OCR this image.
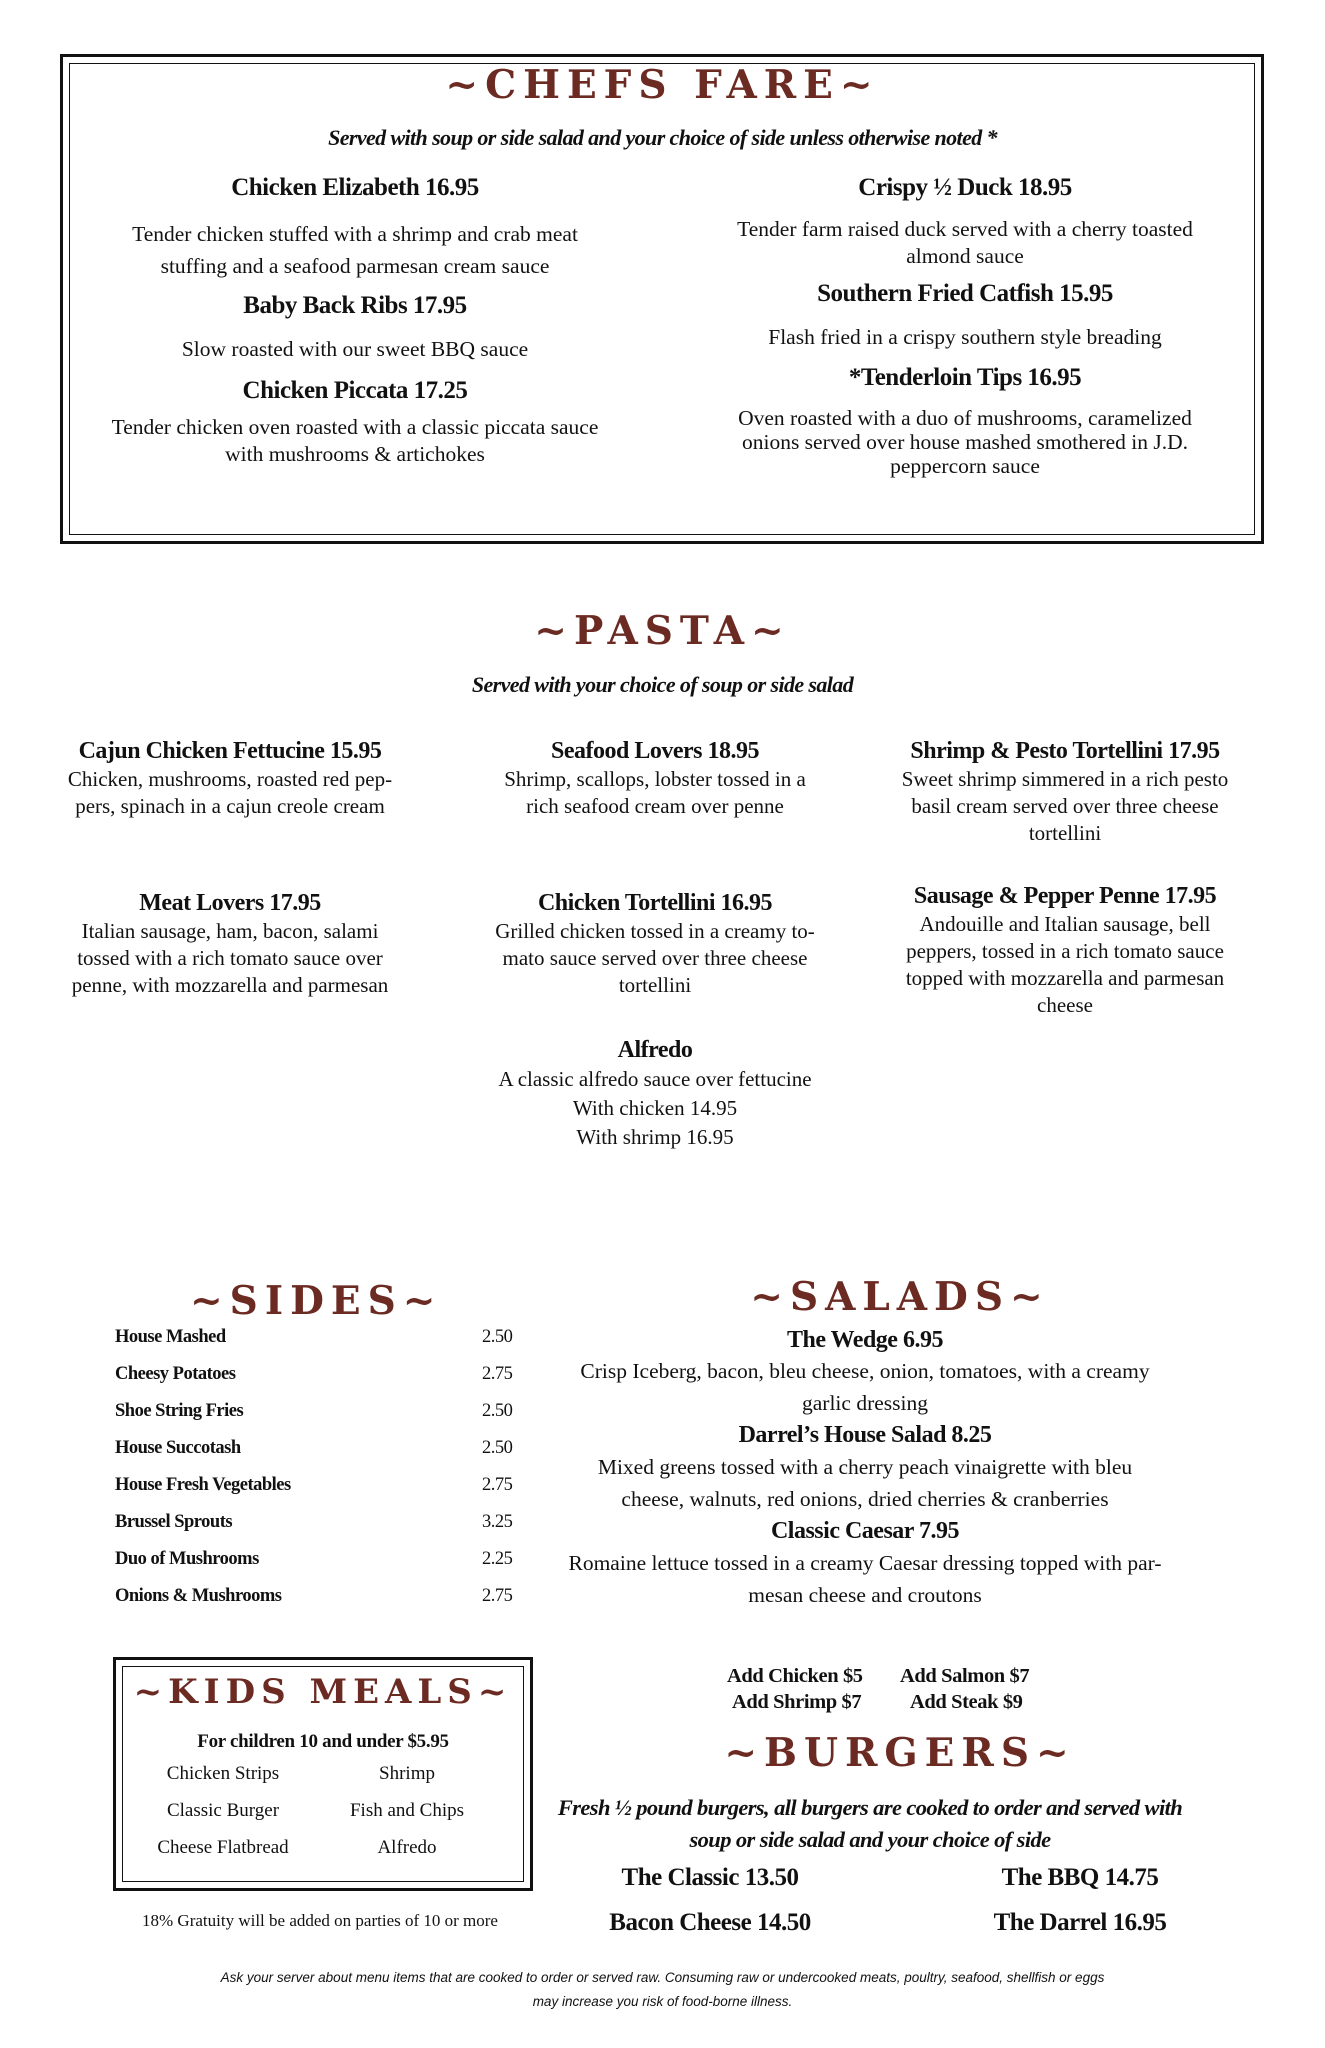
~CHEFS FARE~
Served with soup or side salad and your choice of side unless otherwise noted *
Chicken Elizabeth 16.95
Tender chicken stuffed with a shrimp and crab meat
stuffing and a seafood parmesan cream sauce
Baby Back Ribs 17.95
Slow roasted with our sweet BBQ sauce
Chicken Piccata 17.25
Tender chicken oven roasted with a classic piccata sauce
with mushrooms & artichokes
Crispy ½ Duck 18.95
Tender farm raised duck served with a cherry toasted
almond sauce
Southern Fried Catfish 15.95
Flash fried in a crispy southern style breading
*Tenderloin Tips 16.95
Oven roasted with a duo of mushrooms, caramelized
onions served over house mashed smothered in J.D.
peppercorn sauce
~PASTA~
Served with your choice of soup or side salad
Cajun Chicken Fettucine 15.95
Chicken, mushrooms, roasted red pep-
pers, spinach in a cajun creole cream
Seafood Lovers 18.95
Shrimp, scallops, lobster tossed in a
rich seafood cream over penne
Shrimp & Pesto Tortellini 17.95
Sweet shrimp simmered in a rich pesto
basil cream served over three cheese
tortellini
Meat Lovers 17.95
Italian sausage, ham, bacon, salami
tossed with a rich tomato sauce over
penne, with mozzarella and parmesan
Chicken Tortellini 16.95
Grilled chicken tossed in a creamy to-
mato sauce served over three cheese
tortellini
Sausage & Pepper Penne 17.95
Andouille and Italian sausage, bell
peppers, tossed in a rich tomato sauce
topped with mozzarella and parmesan
cheese
Alfredo
A classic alfredo sauce over fettucine
With chicken 14.95
With shrimp 16.95
~SIDES~
House Mashed	2.50
Cheesy Potatoes	2.75
Shoe String Fries	2.50
House Succotash	2.50
House Fresh Vegetables	2.75
Brussel Sprouts	3.25
Duo of Mushrooms	2.25
Onions & Mushrooms	2.75
~SALADS~
The Wedge 6.95
Crisp Iceberg, bacon, bleu cheese, onion, tomatoes, with a creamy
garlic dressing
Darrel’s House Salad 8.25
Mixed greens tossed with a cherry peach vinaigrette with bleu
cheese, walnuts, red onions, dried cherries & cranberries
Classic Caesar 7.95
Romaine lettuce tossed in a creamy Caesar dressing topped with par-
mesan cheese and croutons
Add Chicken $5 Add Salmon $7
Add Shrimp $7 Add Steak $9
~KIDS MEALS~
For children 10 and under $5.95
Chicken Strips	Shrimp
Classic Burger	Fish and Chips
Cheese Flatbread	Alfredo
18% Gratuity will be added on parties of 10 or more
~BURGERS~
Fresh ½ pound burgers, all burgers are cooked to order and served with
soup or side salad and your choice of side
The Classic 13.50	The BBQ 14.75
Bacon Cheese 14.50	The Darrel 16.95
Ask your server about menu items that are cooked to order or served raw. Consuming raw or undercooked meats, poultry, seafood, shellfish or eggs
may increase you risk of food-borne illness.
